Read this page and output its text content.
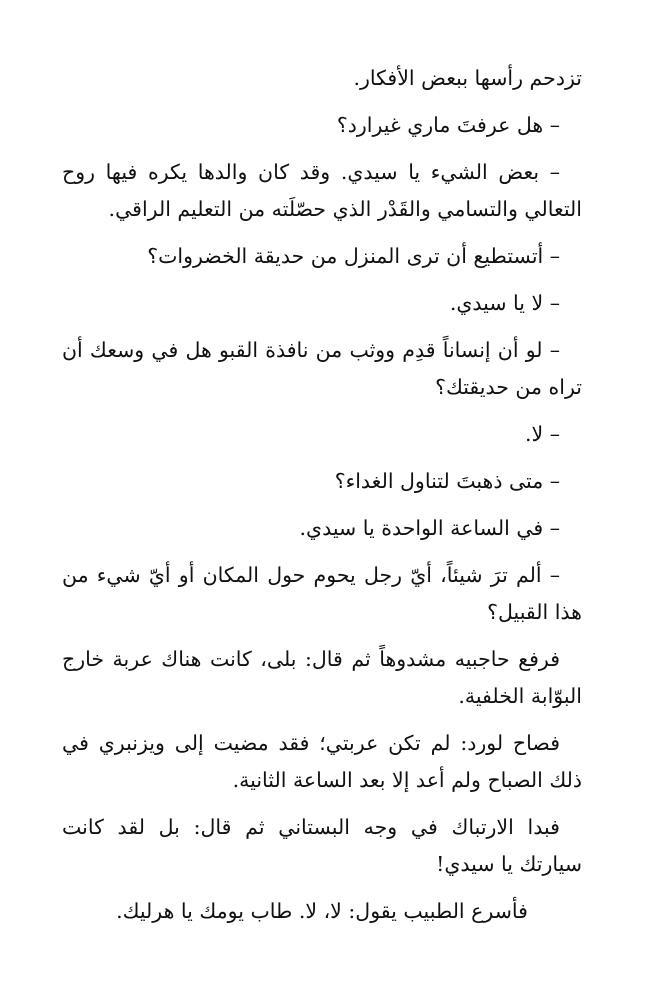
تزدحم رأسها ببعض الأفكار.

– هل عرفتَ ماري غيرارد؟

– بعض الشيء يا سيدي. وقد كان والدها يكره فيها روح التعالي والتسامي والقَدْر الذي حصّلَته من التعليم الراقي.

– أتستطيع أن ترى المنزل من حديقة الخضروات؟

– لا يا سيدي.

– لو أن إنساناً قدِم ووثب من نافذة القبو هل في وسعك أن تراه من حديقتك؟

– لا.

– متى ذهبتَ لتناول الغداء؟

– في الساعة الواحدة يا سيدي.

– ألم ترَ شيئاً، أيّ رجل يحوم حول المكان أو أيّ شيء من هذا القبيل؟

فرفع حاجبيه مشدوهاً ثم قال: بلى، كانت هناك عربة خارج البوّابة الخلفية.

فصاح لورد: لم تكن عربتي؛ فقد مضيت إلى ويزنبري في ذلك الصباح ولم أعد إلا بعد الساعة الثانية.

فبدا الارتباك في وجه البستاني ثم قال: بل لقد كانت سيارتك يا سيدي!

فأسرع الطبيب يقول: لا، لا. طاب يومك يا هرليك.
